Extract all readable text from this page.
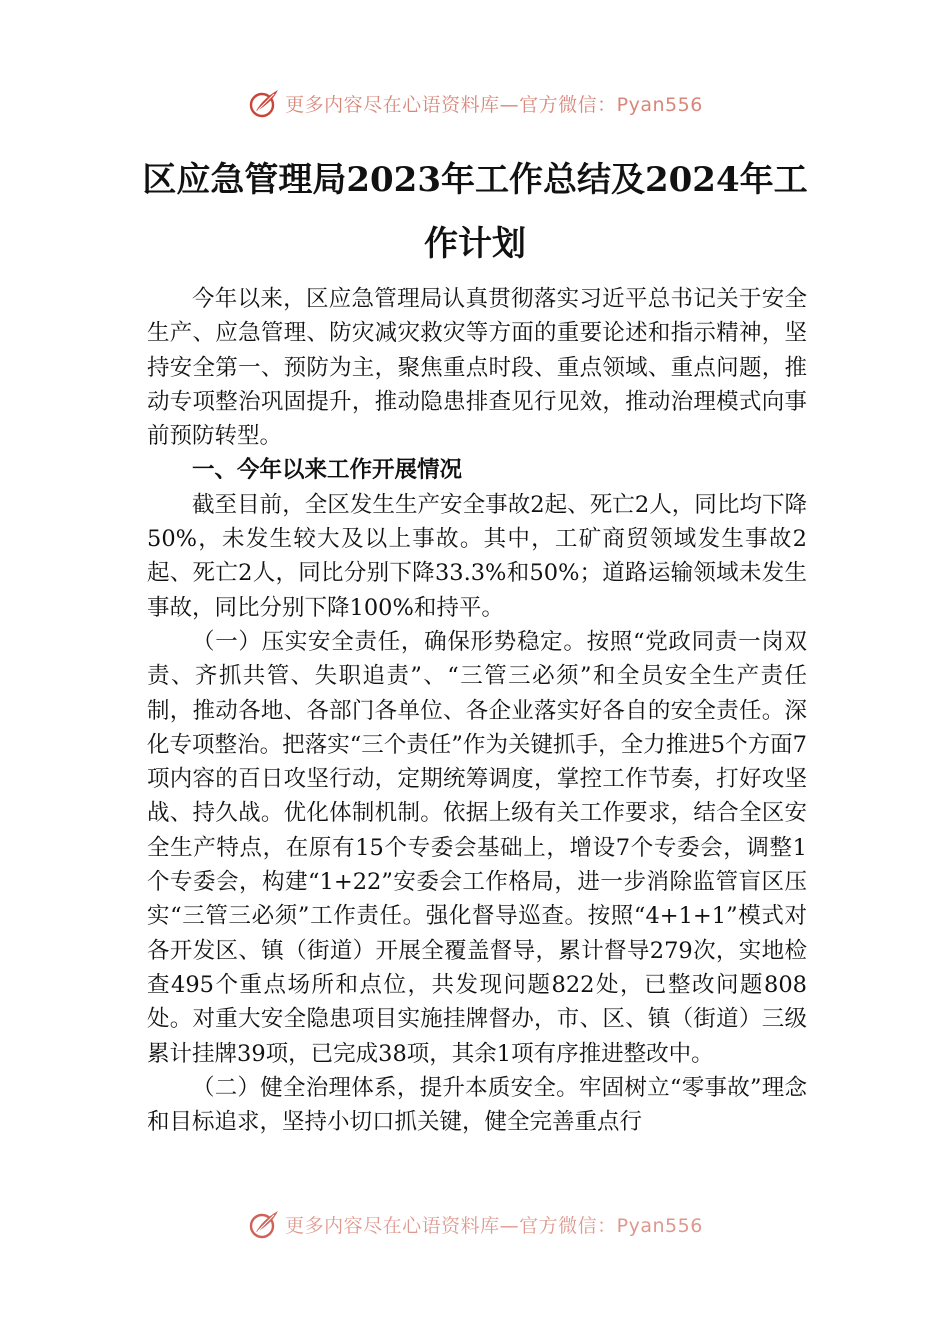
更多内容尽在心语资料库—官方微信：Pyan556
区应急管理局2023年工作总结及2024年工作计划

今年以来，区应急管理局认真贯彻落实习近平总书记关于安全生产、应急管理、防灾减灾救灾等方面的重要论述和指示精神，坚持安全第一、预防为主，聚焦重点时段、重点领域、重点问题，推动专项整治巩固提升，推动隐患排查见行见效，推动治理模式向事前预防转型。

一、今年以来工作开展情况

截至目前，全区发生生产安全事故2起、死亡2人，同比均下降50%，未发生较大及以上事故。其中，工矿商贸领域发生事故2起、死亡2人，同比分别下降33.3%和50%；道路运输领域未发生事故，同比分别下降100%和持平。

（一）压实安全责任，确保形势稳定。按照“党政同责一岗双责、齐抓共管、失职追责”、“三管三必须”和全员安全生产责任制，推动各地、各部门各单位、各企业落实好各自的安全责任。深化专项整治。把落实“三个责任”作为关键抓手，全力推进5个方面7项内容的百日攻坚行动，定期统筹调度，掌控工作节奏，打好攻坚战、持久战。优化体制机制。依据上级有关工作要求，结合全区安全生产特点，在原有15个专委会基础上，增设7个专委会，调整1个专委会，构建“1+22”安委会工作格局，进一步消除监管盲区压实“三管三必须”工作责任。强化督导巡查。按照“4+1+1”模式对各开发区、镇（街道）开展全覆盖督导，累计督导279次，实地检查495个重点场所和点位，共发现问题822处，已整改问题808处。对重大安全隐患项目实施挂牌督办，市、区、镇（街道）三级累计挂牌39项，已完成38项，其余1项有序推进整改中。

（二）健全治理体系，提升本质安全。牢固树立“零事故”理念和目标追求，坚持小切口抓关键，健全完善重点行

更多内容尽在心语资料库—官方微信：Pyan556
